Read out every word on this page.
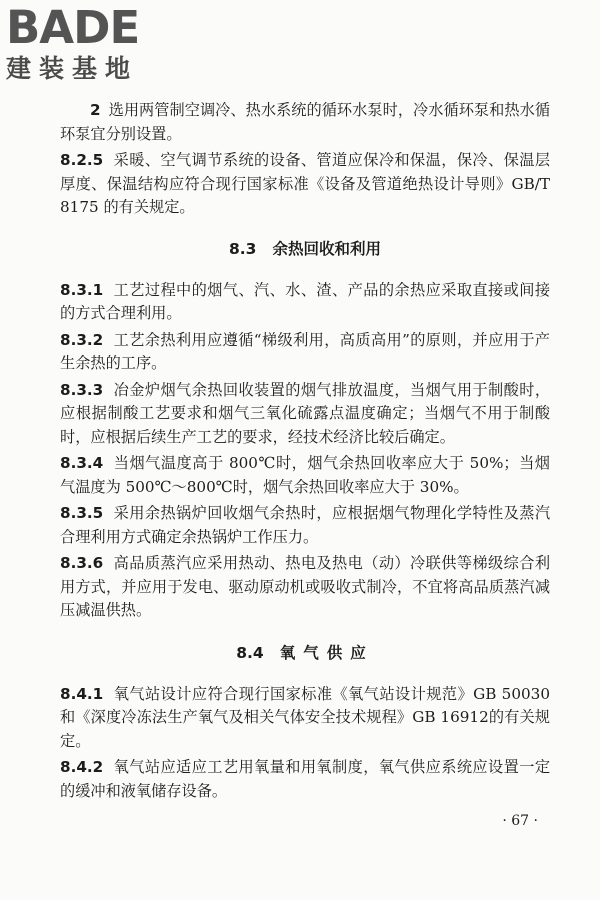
BADE
建装基地

2 选用两管制空调冷、热水系统的循环水泵时，冷水循环泵和热水循环泵宜分别设置。

8.2.5 采暖、空气调节系统的设备、管道应保冷和保温，保冷、保温层厚度、保温结构应符合现行国家标准《设备及管道绝热设计导则》GB/T 8175 的有关规定。

8.3 余热回收和利用

8.3.1 工艺过程中的烟气、汽、水、渣、产品的余热应采取直接或间接的方式合理利用。

8.3.2 工艺余热利用应遵循“梯级利用，高质高用”的原则，并应用于产生余热的工序。

8.3.3 冶金炉烟气余热回收装置的烟气排放温度，当烟气用于制酸时，应根据制酸工艺要求和烟气三氧化硫露点温度确定；当烟气不用于制酸时，应根据后续生产工艺的要求，经技术经济比较后确定。

8.3.4 当烟气温度高于 800℃时，烟气余热回收率应大于 50%；当烟气温度为 500℃～800℃时，烟气余热回收率应大于 30%。

8.3.5 采用余热锅炉回收烟气余热时，应根据烟气物理化学特性及蒸汽合理利用方式确定余热锅炉工作压力。

8.3.6 高品质蒸汽应采用热动、热电及热电（动）冷联供等梯级综合利用方式，并应用于发电、驱动原动机或吸收式制冷，不宜将高品质蒸汽减压减温供热。

8.4 氧气供应

8.4.1 氧气站设计应符合现行国家标准《氧气站设计规范》GB 50030和《深度冷冻法生产氧气及相关气体安全技术规程》GB 16912的有关规定。

8.4.2 氧气站应适应工艺用氧量和用氧制度，氧气供应系统应设置一定的缓冲和液氧储存设备。

· 67 ·
